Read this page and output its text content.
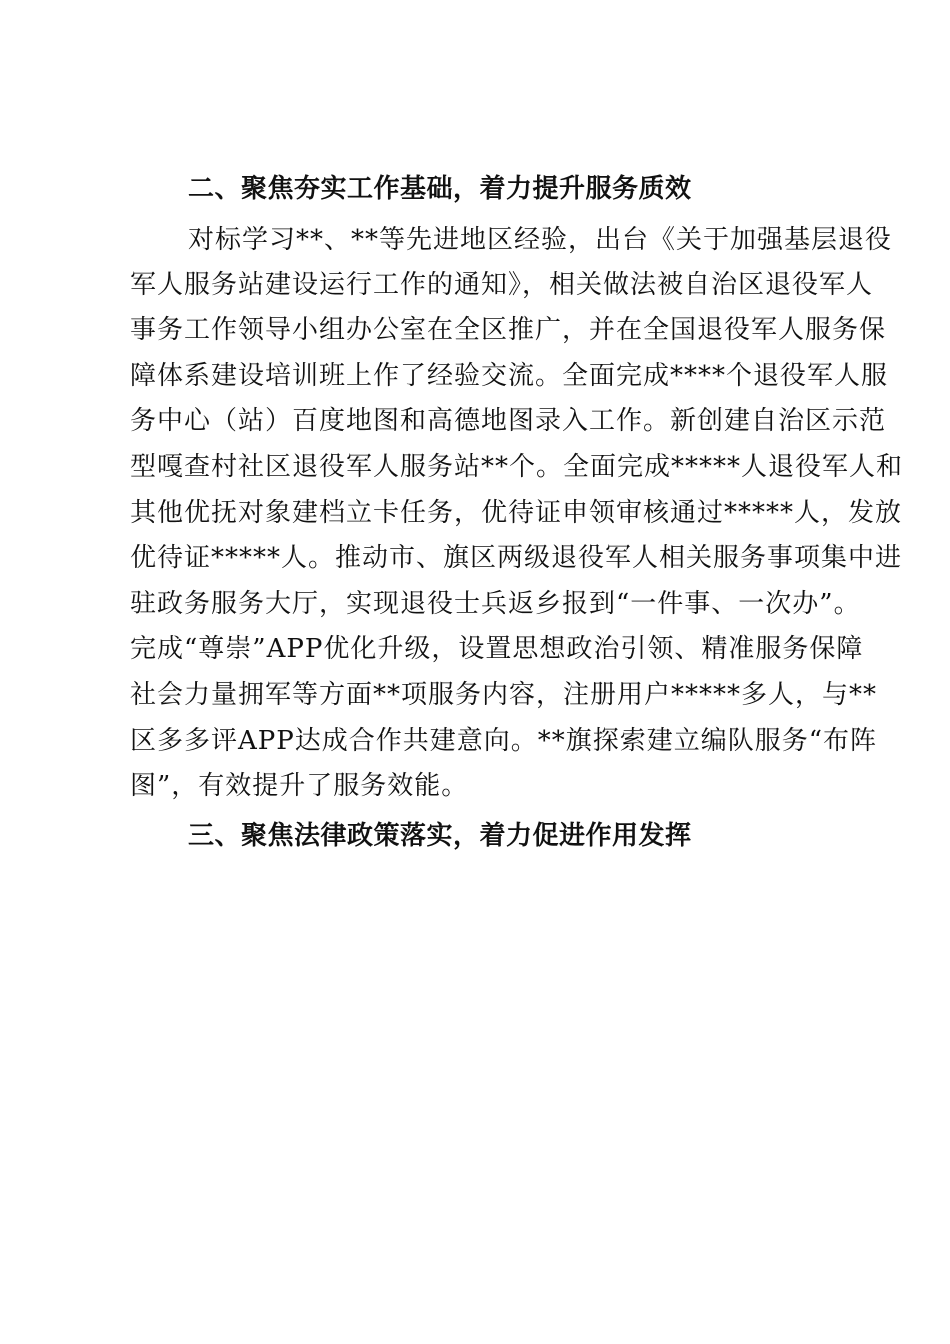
二、聚焦夯实工作基础，着力提升服务质效
对标学习**、**等先进地区经验，出台《关于加强基层退役
军人服务站建设运行工作的通知》，相关做法被自治区退役军人
事务工作领导小组办公室在全区推广，并在全国退役军人服务保
障体系建设培训班上作了经验交流。全面完成****个退役军人服
务中心（站）百度地图和高德地图录入工作。新创建自治区示范
型嘎查村社区退役军人服务站**个。全面完成*****人退役军人和
其他优抚对象建档立卡任务，优待证申领审核通过*****人，发放
优待证*****人。推动市、旗区两级退役军人相关服务事项集中进
驻政务服务大厅，实现退役士兵返乡报到“一件事、一次办”。
完成“尊崇”APP优化升级，设置思想政治引领、精准服务保障
社会力量拥军等方面**项服务内容，注册用户*****多人，与**
区多多评APP达成合作共建意向。**旗探索建立编队服务“布阵
图”，有效提升了服务效能。
三、聚焦法律政策落实，着力促进作用发挥
